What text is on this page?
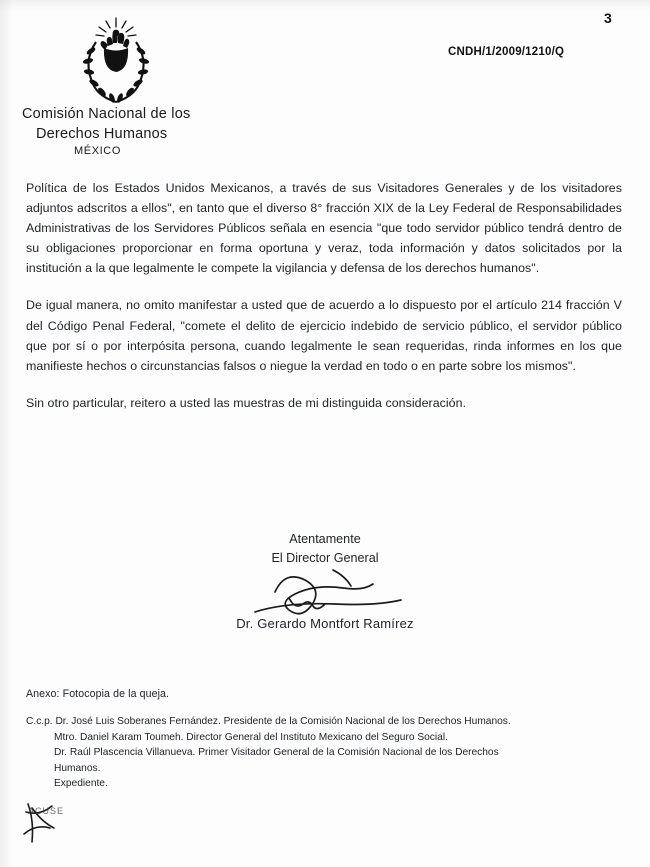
3
CNDH/1/2009/1210/Q
Comisión Nacional de los
Derechos Humanos
MÉXICO

Política de los Estados Unidos Mexicanos, a través de sus Visitadores Generales y de los visitadores adjuntos adscritos a ellos", en tanto que el diverso 8° fracción XIX de la Ley Federal de Responsabilidades Administrativas de los Servidores Públicos señala en esencia "que todo servidor público tendrá dentro de su obligaciones proporcionar en forma oportuna y veraz, toda información y datos solicitados por la institución a la que legalmente le compete la vigilancia y defensa de los derechos humanos".

De igual manera, no omito manifestar a usted que de acuerdo a lo dispuesto por el artículo 214 fracción V del Código Penal Federal, "comete el delito de ejercicio indebido de servicio público, el servidor público que por sí o por interpósita persona, cuando legalmente le sean requeridas, rinda informes en los que manifieste hechos o circunstancias falsos o niegue la verdad en todo o en parte sobre los mismos".

Sin otro particular, reitero a usted las muestras de mi distinguida consideración.

Atentamente
El Director General
Dr. Gerardo Montfort Ramírez
Anexo: Fotocopia de la queja.
C.c.p. Dr. José Luis Soberanes Fernández. Presidente de la Comisión Nacional de los Derechos Humanos.
Mtro. Daniel Karam Toumeh. Director General del Instituto Mexicano del Seguro Social.
Dr. Raúl Plascencia Villanueva. Primer Visitador General de la Comisión Nacional de los Derechos
Humanos.
Expediente.
ACUSE
